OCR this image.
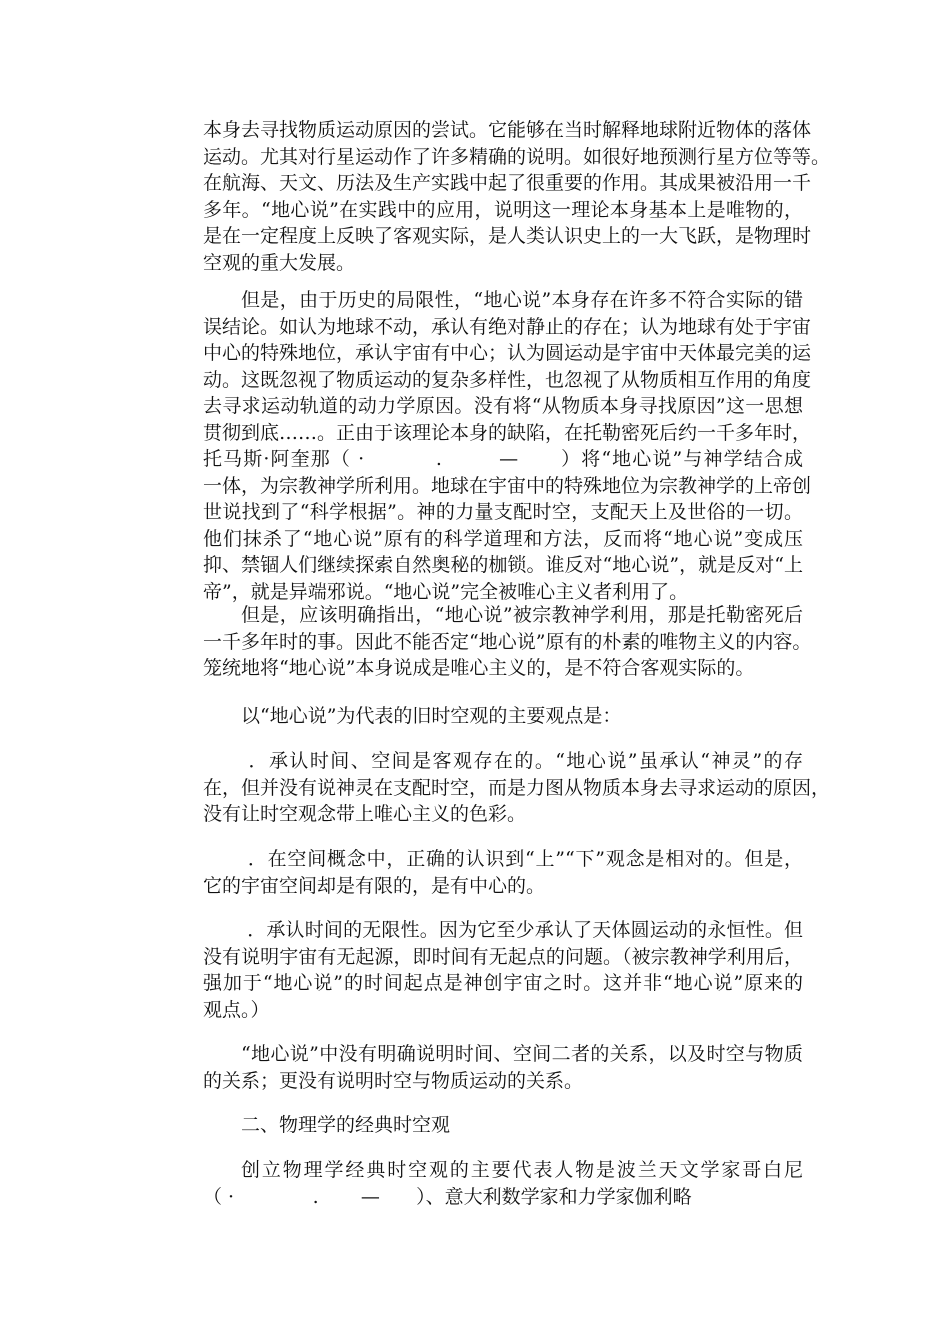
本身去寻找物质运动原因的尝试。它能够在当时解释地球附近物体的落体
运动。尤其对行星运动作了许多精确的说明。如很好地预测行星方位等等。
在航海、天文、历法及生产实践中起了很重要的作用。其成果被沿用一千
多年。“地心说”在实践中的应用，说明这一理论本身基本上是唯物的，
是在一定程度上反映了客观实际，是人类认识史上的一大飞跃，是物理时
空观的重大发展。
但是，由于历史的局限性，“地心说”本身存在许多不符合实际的错
误结论。如认为地球不动，承认有绝对静止的存在；认为地球有处于宇宙
中心的特殊地位，承认宇宙有中心；认为圆运动是宇宙中天体最完美的运
动。这既忽视了物质运动的复杂多样性，也忽视了从物质相互作用的角度
去寻求运动轨道的动力学原因。没有将“从物质本身寻找原因”这一思想
贯彻到底……。正由于该理论本身的缺陷，在托勒密死后约一千多年时，
托马斯·阿奎那（ ·          .        —      ）将“地心说”与神学结合成
一体，为宗教神学所利用。地球在宇宙中的特殊地位为宗教神学的上帝创
世说找到了“科学根据”。神的力量支配时空，支配天上及世俗的一切。
他们抹杀了“地心说”原有的科学道理和方法，反而将“地心说”变成压
抑、禁锢人们继续探索自然奥秘的枷锁。谁反对“地心说”，就是反对“上
帝”，就是异端邪说。“地心说”完全被唯心主义者利用了。
但是，应该明确指出，“地心说”被宗教神学利用，那是托勒密死后
一千多年时的事。因此不能否定“地心说”原有的朴素的唯物主义的内容。
笼统地将“地心说”本身说成是唯心主义的，是不符合客观实际的。
以“地心说”为代表的旧时空观的主要观点是：
．承认时间、空间是客观存在的。“地心说”虽承认“神灵”的存
在，但并没有说神灵在支配时空，而是力图从物质本身去寻求运动的原因，
没有让时空观念带上唯心主义的色彩。
．在空间概念中，正确的认识到“上”“下”观念是相对的。但是，
它的宇宙空间却是有限的，是有中心的。
．承认时间的无限性。因为它至少承认了天体圆运动的永恒性。但
没有说明宇宙有无起源，即时间有无起点的问题。（被宗教神学利用后，
强加于“地心说”的时间起点是神创宇宙之时。这并非“地心说”原来的
观点。）
“地心说”中没有明确说明时间、空间二者的关系，以及时空与物质
的关系；更没有说明时空与物质运动的关系。
二、物理学的经典时空观
创立物理学经典时空观的主要代表人物是波兰天文学家哥白尼
（ ·             .       —      ）、意大利数学家和力学家伽利略
